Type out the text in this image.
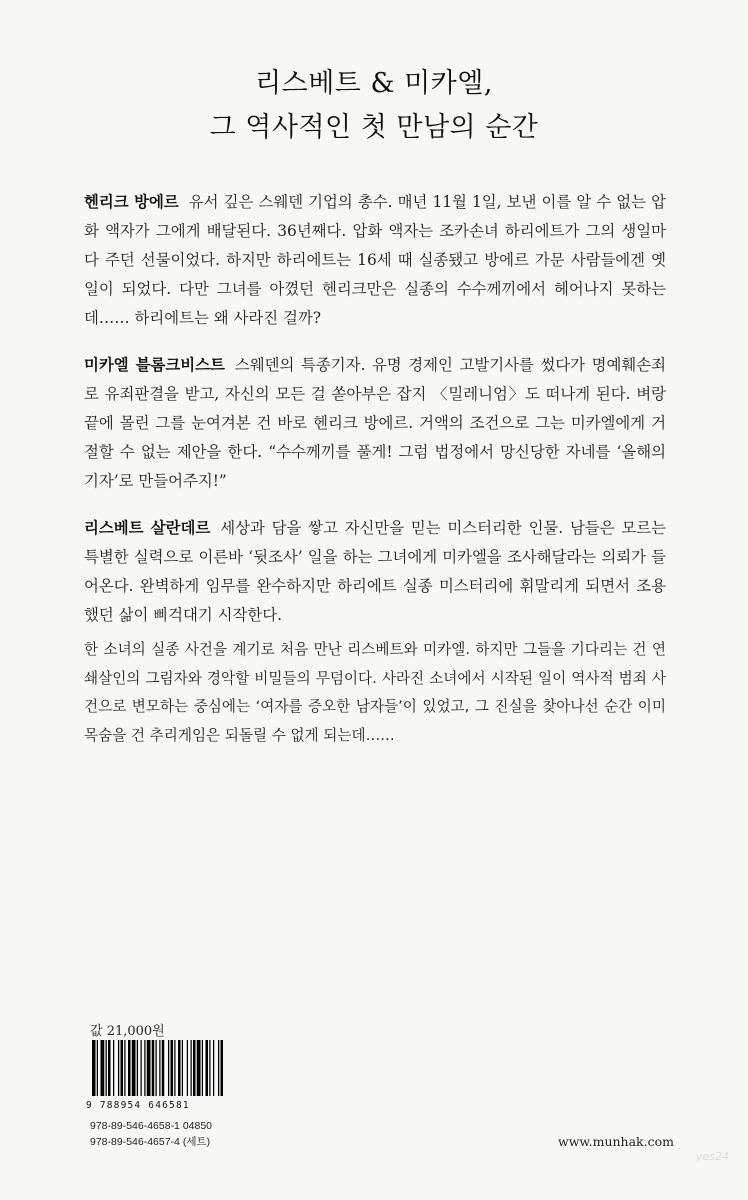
리스베트 & 미카엘,
그 역사적인 첫 만남의 순간

헨리크 방에르 유서 깊은 스웨덴 기업의 총수. 매년 11월 1일, 보낸 이를 알 수 없는 압화 액자가 그에게 배달된다. 36년째다. 압화 액자는 조카손녀 하리에트가 그의 생일마다 주던 선물이었다. 하지만 하리에트는 16세 때 실종됐고 방에르 가문 사람들에겐 옛일이 되었다. 다만 그녀를 아꼈던 헨리크만은 실종의 수수께끼에서 헤어나지 못하는데…… 하리에트는 왜 사라진 걸까?

미카엘 블롬크비스트 스웨덴의 특종기자. 유명 경제인 고발기사를 썼다가 명예훼손죄로 유죄판결을 받고, 자신의 모든 걸 쏟아부은 잡지 〈밀레니엄〉도 떠나게 된다. 벼랑 끝에 몰린 그를 눈여겨본 건 바로 헨리크 방에르. 거액의 조건으로 그는 미카엘에게 거절할 수 없는 제안을 한다. “수수께끼를 풀게! 그럼 법정에서 망신당한 자네를 ‘올해의 기자’로 만들어주지!”

리스베트 살란데르 세상과 담을 쌓고 자신만을 믿는 미스터리한 인물. 남들은 모르는 특별한 실력으로 이른바 ‘뒷조사’ 일을 하는 그녀에게 미카엘을 조사해달라는 의뢰가 들어온다. 완벽하게 임무를 완수하지만 하리에트 실종 미스터리에 휘말리게 되면서 조용했던 삶이 삐걱대기 시작한다.

한 소녀의 실종 사건을 계기로 처음 만난 리스베트와 미카엘. 하지만 그들을 기다리는 건 연쇄살인의 그림자와 경악할 비밀들의 무덤이다. 사라진 소녀에서 시작된 일이 역사적 범죄 사건으로 변모하는 중심에는 ‘여자를 증오한 남자들’이 있었고, 그 진실을 찾아나선 순간 이미 목숨을 건 추리게임은 되돌릴 수 없게 되는데……
값 21,000원
9 788954 646581
978-89-546-4658-1 04850
978-89-546-4657-4 (세트)	www.munhak.com
yes24
